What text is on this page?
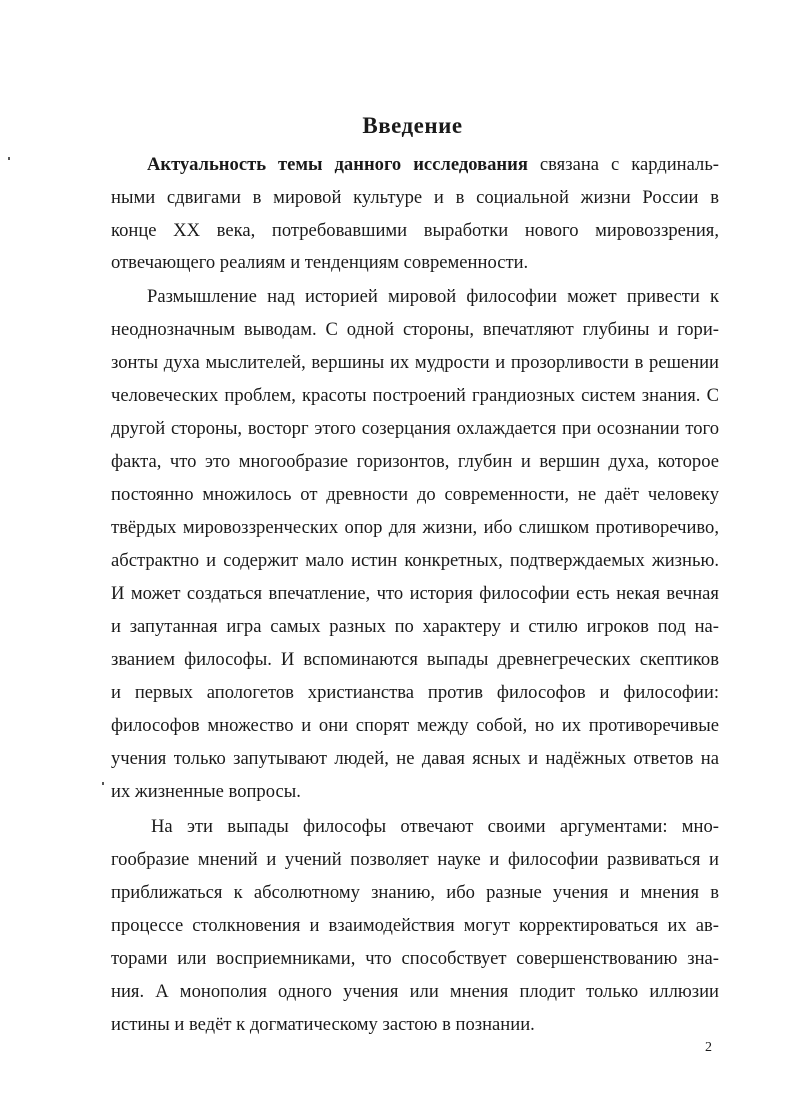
Введение
Актуальность темы данного исследования связана с кардиналь-
ными сдвигами в мировой культуре и в социальной жизни России в
конце XX века, потребовавшими выработки нового мировоззрения,
отвечающего реалиям и тенденциям современности.
Размышление над историей мировой философии может привести к
неоднозначным выводам. С одной стороны, впечатляют глубины и гори-
зонты духа мыслителей, вершины их мудрости и прозорливости в решении
человеческих проблем, красоты построений грандиозных систем знания. С
другой стороны, восторг этого созерцания охлаждается при осознании того
факта, что это многообразие горизонтов, глубин и вершин духа, которое
постоянно множилось от древности до современности, не даёт человеку
твёрдых мировоззренческих опор для жизни, ибо слишком противоречиво,
абстрактно и содержит мало истин конкретных, подтверждаемых жизнью.
И может создаться впечатление, что история философии есть некая вечная
и запутанная игра самых разных по характеру и стилю игроков под на-
званием философы. И вспоминаются выпады древнегреческих скептиков
и первых апологетов христианства против философов и философии:
философов множество и они спорят между собой, но их противоречивые
учения только запутывают людей, не давая ясных и надёжных ответов на
их жизненные вопросы.
На эти выпады философы отвечают своими аргументами: мно-
гообразие мнений и учений позволяет науке и философии развиваться и
приближаться к абсолютному знанию, ибо разные учения и мнения в
процессе столкновения и взаимодействия могут корректироваться их ав-
торами или восприемниками, что способствует совершенствованию зна-
ния. А монополия одного учения или мнения плодит только иллюзии
истины и ведёт к догматическому застою в познании.
2
